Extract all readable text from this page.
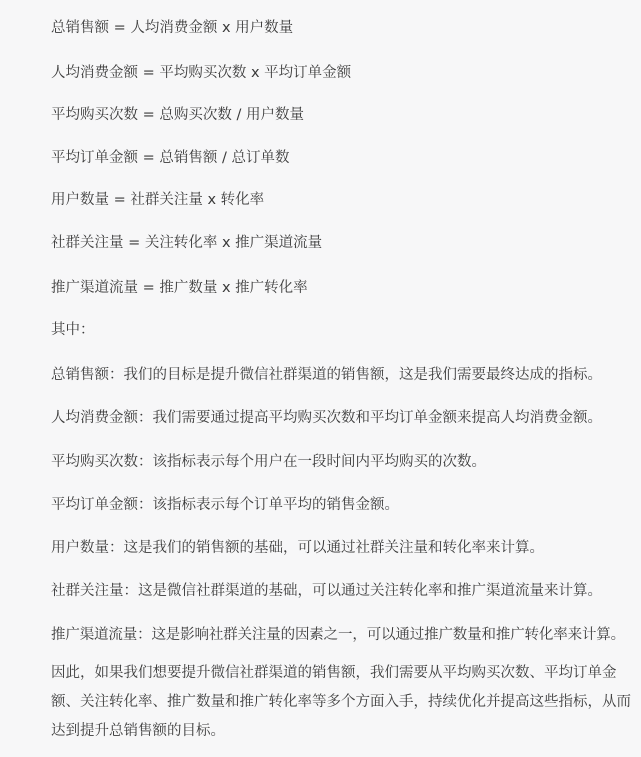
总销售额 = 人均消费金额 x 用户数量
人均消费金额 = 平均购买次数 x 平均订单金额
平均购买次数 = 总购买次数 / 用户数量
平均订单金额 = 总销售额 / 总订单数
用户数量 = 社群关注量 x 转化率
社群关注量 = 关注转化率 x 推广渠道流量
推广渠道流量 = 推广数量 x 推广转化率
其中：
总销售额：我们的目标是提升微信社群渠道的销售额，这是我们需要最终达成的指标。
人均消费金额：我们需要通过提高平均购买次数和平均订单金额来提高人均消费金额。
平均购买次数：该指标表示每个用户在一段时间内平均购买的次数。
平均订单金额：该指标表示每个订单平均的销售金额。
用户数量：这是我们的销售额的基础，可以通过社群关注量和转化率来计算。
社群关注量：这是微信社群渠道的基础，可以通过关注转化率和推广渠道流量来计算。
推广渠道流量：这是影响社群关注量的因素之一，可以通过推广数量和推广转化率来计算。
因此，如果我们想要提升微信社群渠道的销售额，我们需要从平均购买次数、平均订单金额、关注转化率、推广数量和推广转化率等多个方面入手，持续优化并提高这些指标，从而达到提升总销售额的目标。
